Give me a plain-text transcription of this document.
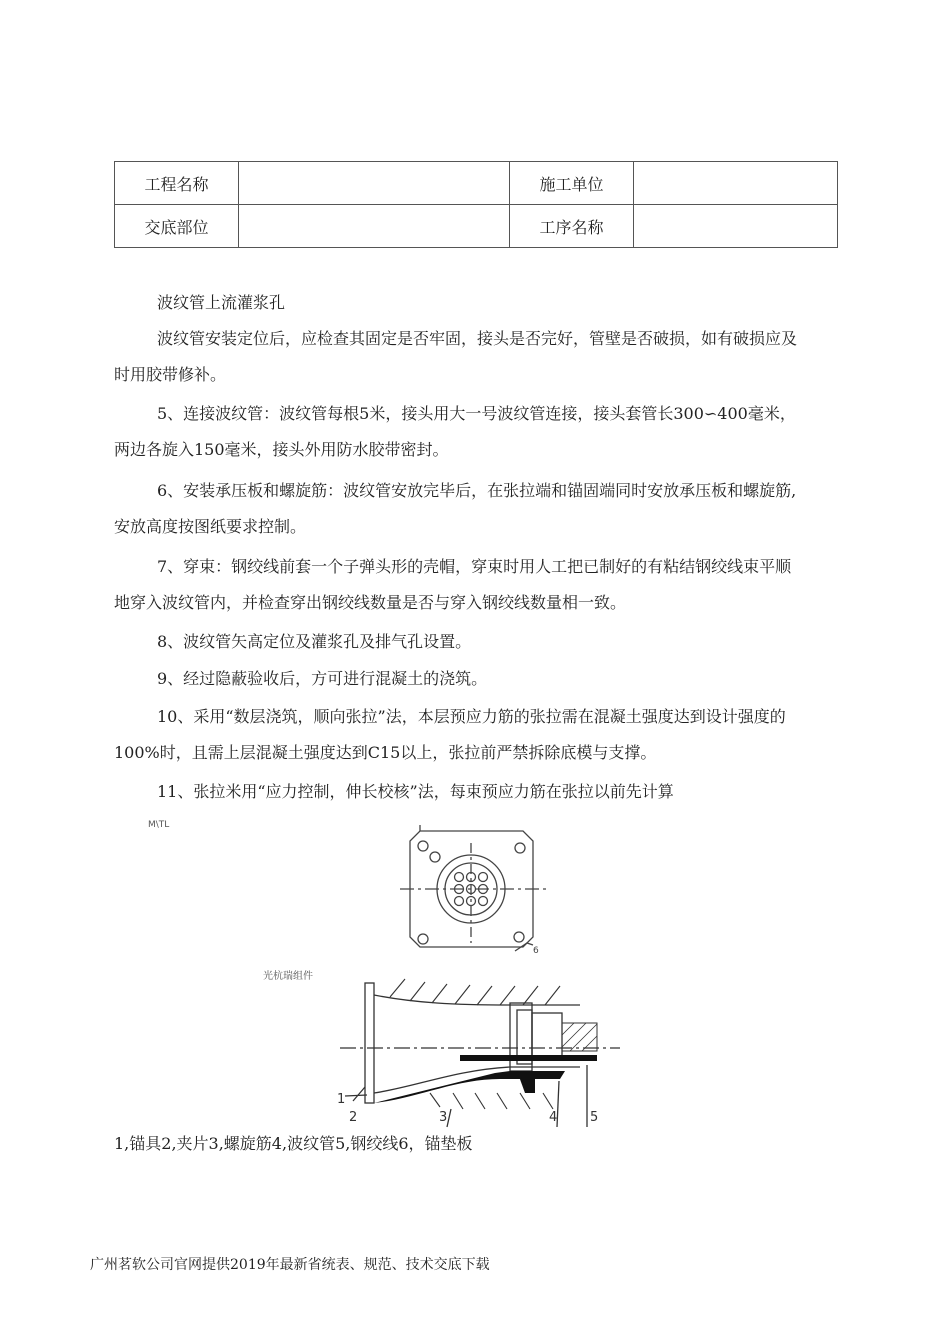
工程名称		施工单位	
交底部位		工序名称	

波纹管上流灌浆孔

波纹管安装定位后，应检查其固定是否牢固，接头是否完好，管壁是否破损，如有破损应及
时用胶带修补。

5、连接波纹管：波纹管每根5米，接头用大一号波纹管连接，接头套管长300∽400毫米，
两边各旋入150毫米，接头外用防水胶带密封。

6、安装承压板和螺旋筋：波纹管安放完毕后，在张拉端和锚固端同时安放承压板和螺旋筋,
安放高度按图纸要求控制。

7、穿束：钢绞线前套一个子弹头形的壳帽，穿束时用人工把已制好的有粘结钢绞线束平顺
地穿入波纹管内，并检查穿出钢绞线数量是否与穿入钢绞线数量相一致。

8、波纹管矢高定位及灌浆孔及排气孔设置。

9、经过隐蔽验收后，方可进行混凝土的浇筑。

10、采用“数层浇筑，顺向张拉”法，本层预应力筋的张拉需在混凝土强度达到设计强度的
100%时，且需上层混凝土强度达到C15以上，张拉前严禁拆除底模与支撑。

11、张拉米用“应力控制，伸长校核”法，每束预应力筋在张拉以前先计算

M\TL
光杭瑞组件
6
1
2	3	4	5

1,锚具2,夹片3,螺旋筋4,波纹管5,钢绞线6，锚垫板

广州茗软公司官网提供2019年最新省统表、规范、技术交底下载
